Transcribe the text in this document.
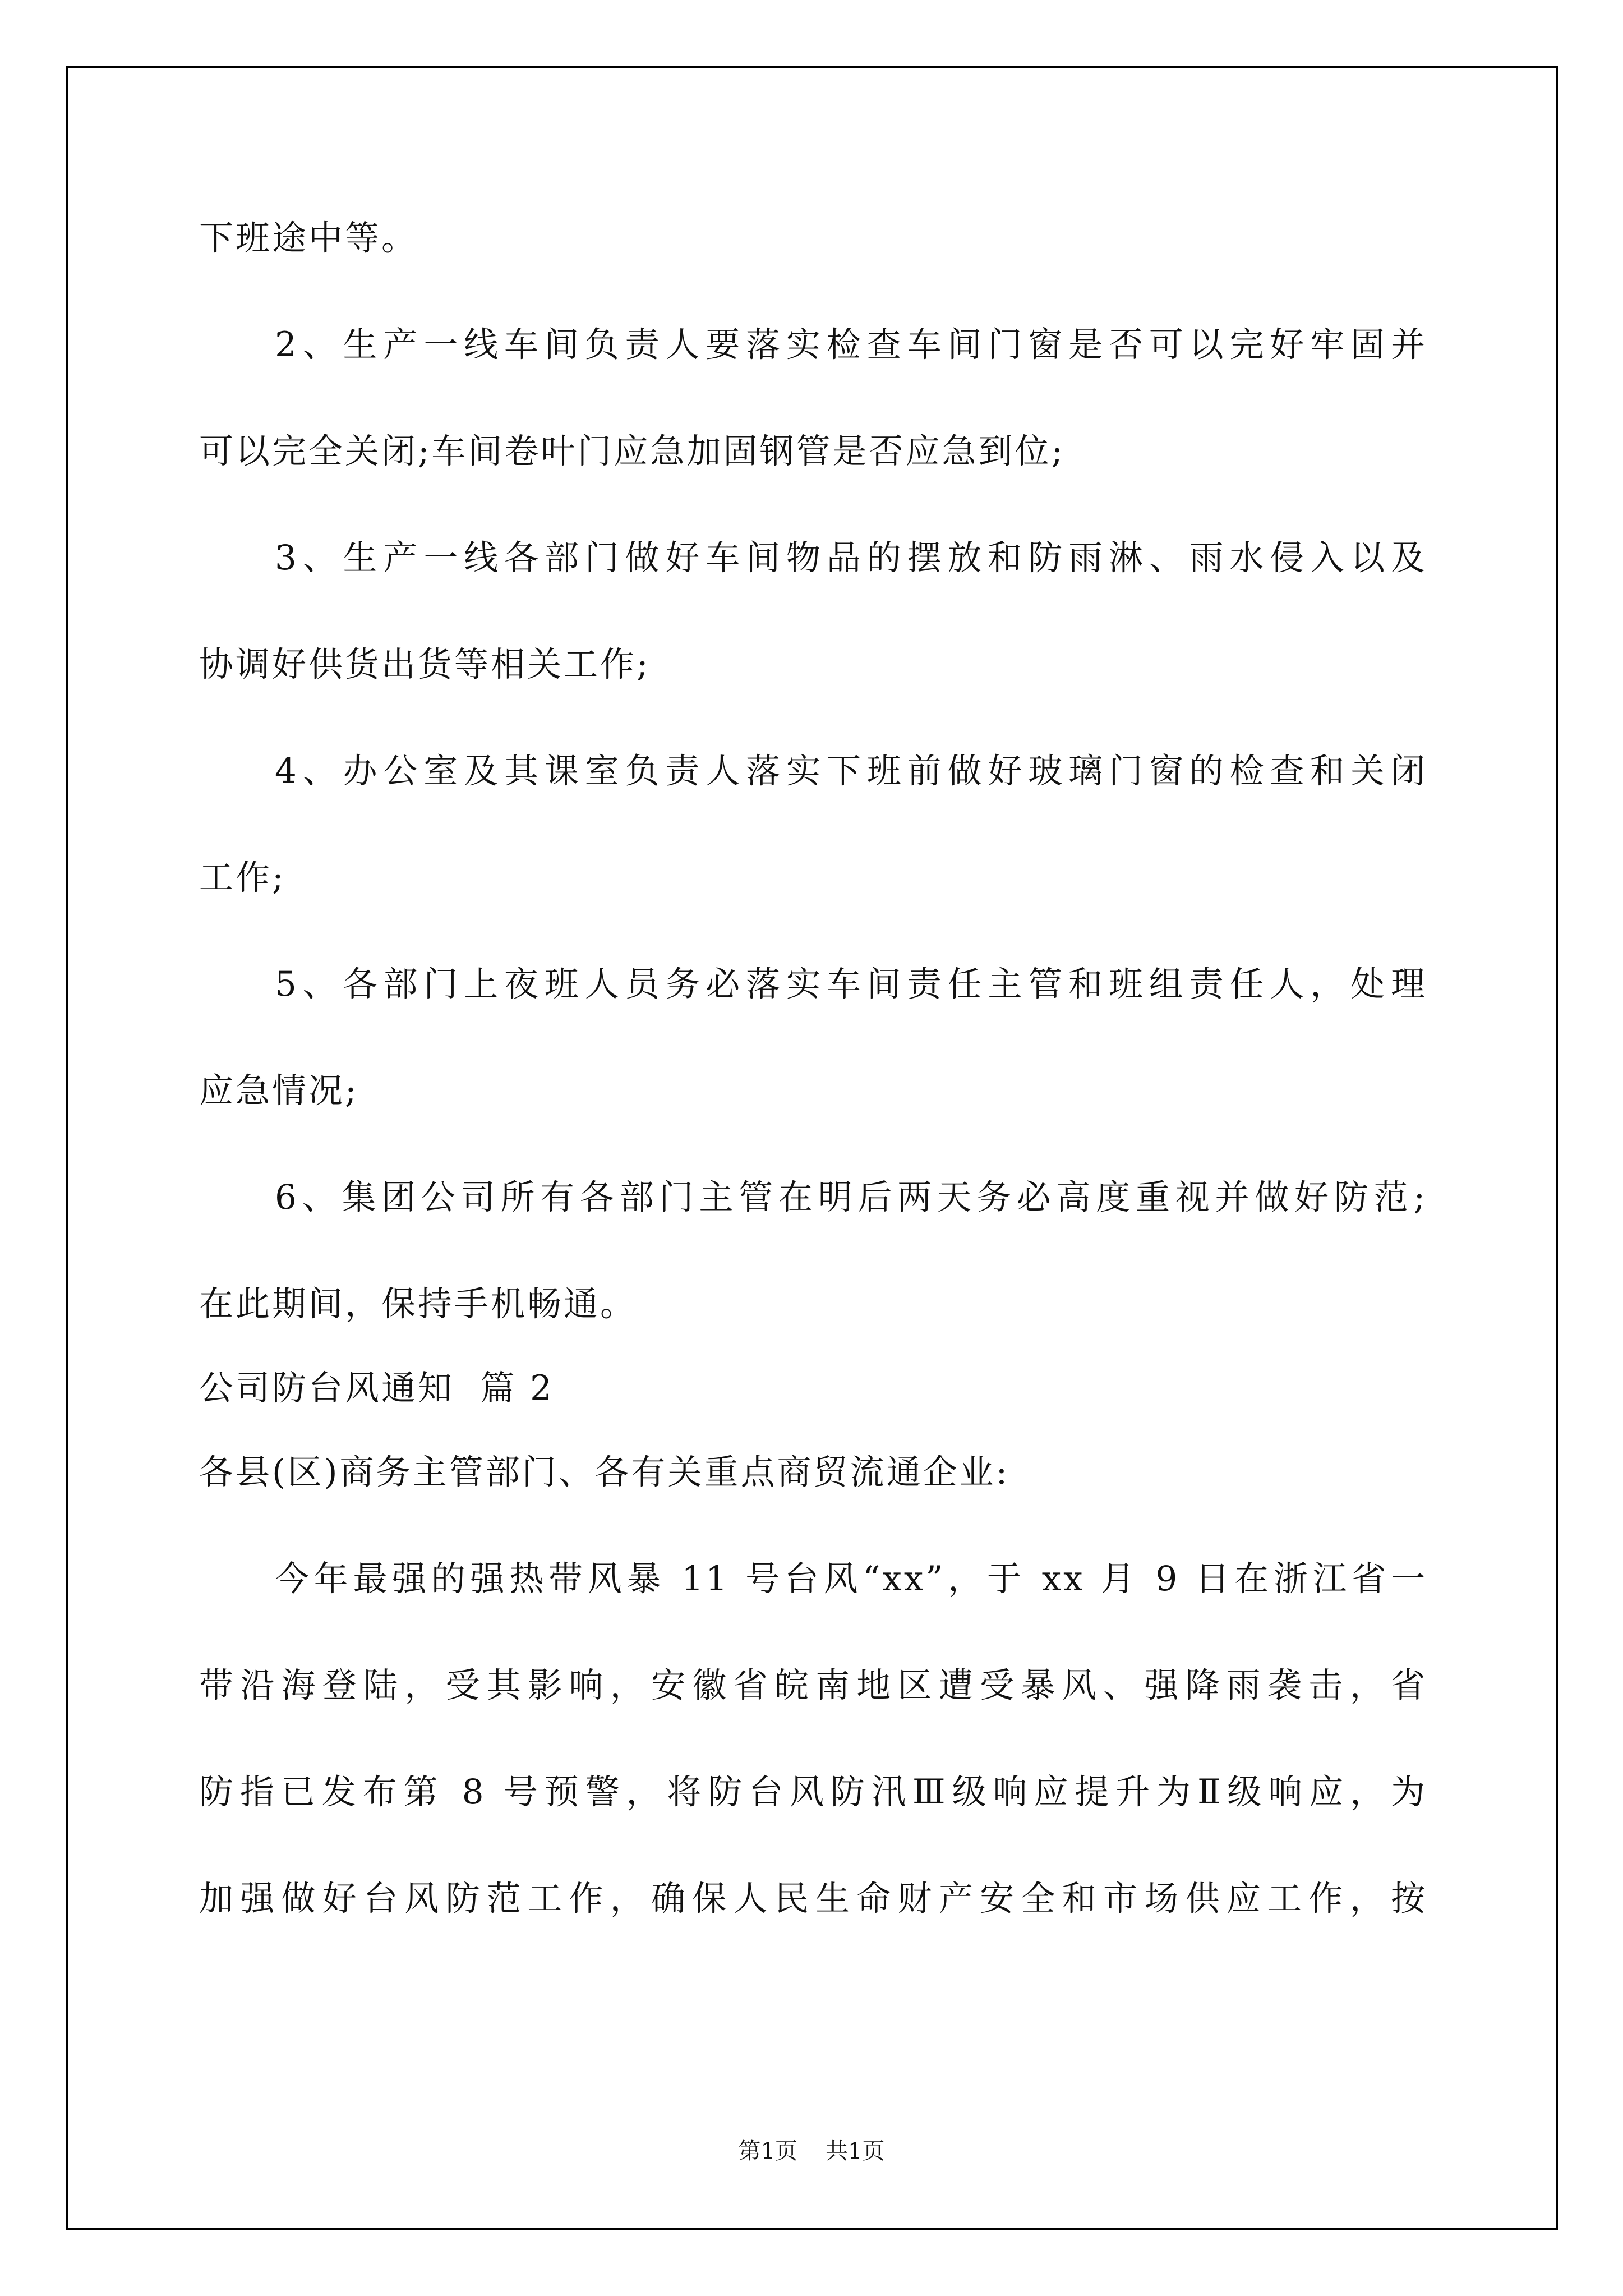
下班途中等。
2、生产一线车间负责人要落实检查车间门窗是否可以完好牢固并
可以完全关闭;车间卷叶门应急加固钢管是否应急到位;
3、生产一线各部门做好车间物品的摆放和防雨淋、雨水侵入以及
协调好供货出货等相关工作;
4、办公室及其课室负责人落实下班前做好玻璃门窗的检查和关闭
工作;
5、各部门上夜班人员务必落实车间责任主管和班组责任人，处理
应急情况;
6、集团公司所有各部门主管在明后两天务必高度重视并做好防范;
在此期间，保持手机畅通。
公司防台风通知  篇 2
各县(区)商务主管部门、各有关重点商贸流通企业:
今年最强的强热带风暴 11 号台风“xx”，于 xx 月 9 日在浙江省一
带沿海登陆，受其影响，安徽省皖南地区遭受暴风、强降雨袭击，省
防指已发布第 8 号预警，将防台风防汛Ⅲ级响应提升为Ⅱ级响应，为
加强做好台风防范工作，确保人民生命财产安全和市场供应工作，按
第1页 共1页
